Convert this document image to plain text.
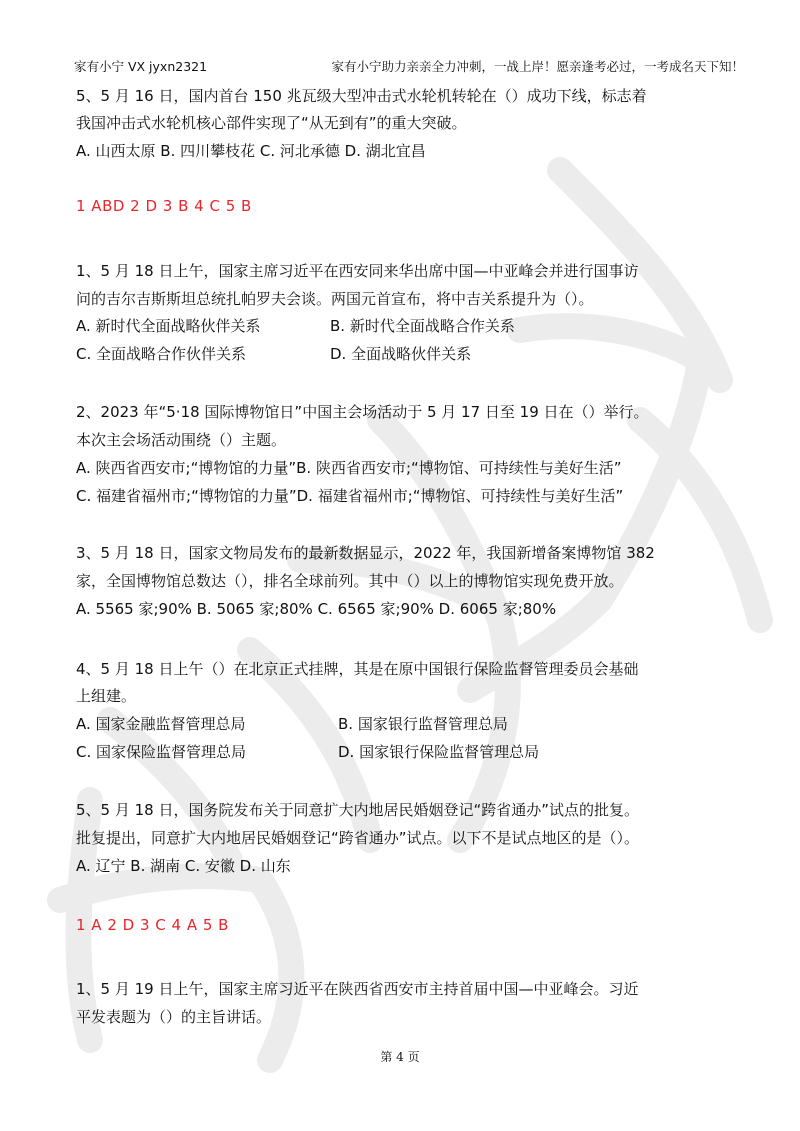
家有小宁 VX jyxn2321	家有小宁助力亲亲全力冲刺，一战上岸！愿亲逢考必过，一考成名天下知！
5、5 月 16 日，国内首台 150 兆瓦级大型冲击式水轮机转轮在（）成功下线，标志着
我国冲击式水轮机核心部件实现了“从无到有”的重大突破。
A. 山西太原 B. 四川攀枝花 C. 河北承德 D. 湖北宜昌
1 ABD 2 D 3 B 4 C 5 B
1、5 月 18 日上午，国家主席习近平在西安同来华出席中国—中亚峰会并进行国事访
问的吉尔吉斯斯坦总统扎帕罗夫会谈。两国元首宣布，将中吉关系提升为（）。
A. 新时代全面战略伙伴关系	B. 新时代全面战略合作关系
C. 全面战略合作伙伴关系	D. 全面战略伙伴关系
2、2023 年“5·18 国际博物馆日”中国主会场活动于 5 月 17 日至 19 日在（）举行。
本次主会场活动围绕（）主题。
A. 陕西省西安市;“博物馆的力量”B. 陕西省西安市;“博物馆、可持续性与美好生活”
C. 福建省福州市;“博物馆的力量”D. 福建省福州市;“博物馆、可持续性与美好生活”
3、5 月 18 日，国家文物局发布的最新数据显示，2022 年，我国新增备案博物馆 382
家，全国博物馆总数达（），排名全球前列。其中（）以上的博物馆实现免费开放。
A. 5565 家;90% B. 5065 家;80% C. 6565 家;90% D. 6065 家;80%
4、5 月 18 日上午（）在北京正式挂牌，其是在原中国银行保险监督管理委员会基础
上组建。
A. 国家金融监督管理总局	B. 国家银行监督管理总局
C. 国家保险监督管理总局	D. 国家银行保险监督管理总局
5、5 月 18 日，国务院发布关于同意扩大内地居民婚姻登记“跨省通办”试点的批复。
批复提出，同意扩大内地居民婚姻登记“跨省通办”试点。以下不是试点地区的是（）。
A. 辽宁 B. 湖南 C. 安徽 D. 山东
1 A 2 D 3 C 4 A 5 B
1、5 月 19 日上午，国家主席习近平在陕西省西安市主持首届中国—中亚峰会。习近
平发表题为（）的主旨讲话。
第 4 页
